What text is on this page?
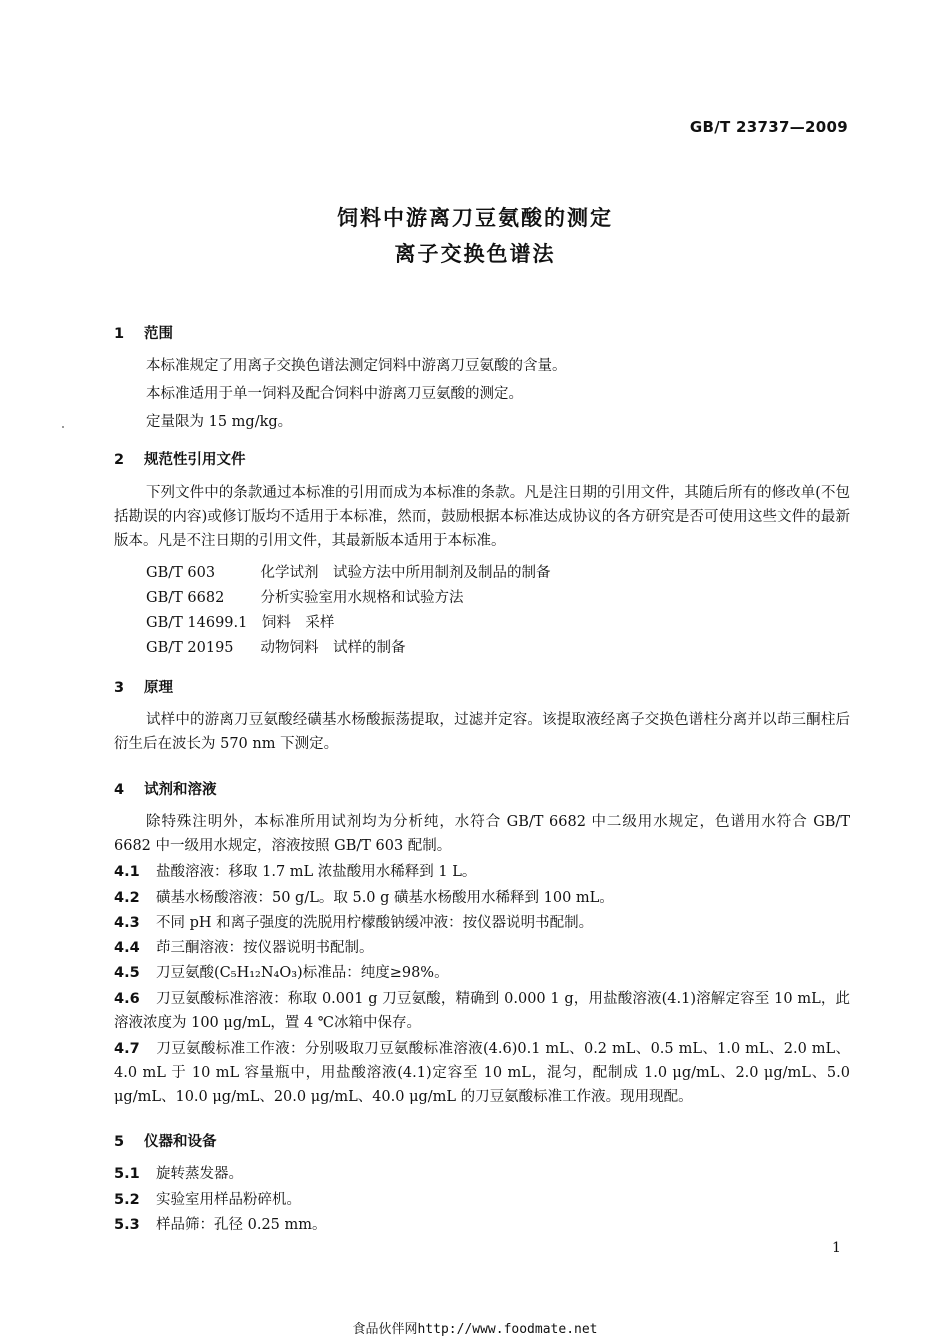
GB/T 23737—2009
饲料中游离刀豆氨酸的测定
离子交换色谱法
1 范围
本标准规定了用离子交换色谱法测定饲料中游离刀豆氨酸的含量。
本标准适用于单一饲料及配合饲料中游离刀豆氨酸的测定。
定量限为 15 mg/kg。
2 规范性引用文件
下列文件中的条款通过本标准的引用而成为本标准的条款。凡是注日期的引用文件，其随后所有的修改单(不包括勘误的内容)或修订版均不适用于本标准，然而，鼓励根据本标准达成协议的各方研究是否可使用这些文件的最新版本。凡是不注日期的引用文件，其最新版本适用于本标准。
GB/T 603　	化学试剂　试验方法中所用制剂及制品的制备
GB/T 6682　 分析实验室用水规格和试验方法
GB/T 14699.1　 饲料　采样
GB/T 20195　 动物饲料　试样的制备
3 原理
试样中的游离刀豆氨酸经磺基水杨酸振荡提取，过滤并定容。该提取液经离子交换色谱柱分离并以茚三酮柱后衍生后在波长为 570 nm 下测定。
4 试剂和溶液
除特殊注明外，本标准所用试剂均为分析纯，水符合 GB/T 6682 中二级用水规定，色谱用水符合 GB/T 6682 中一级用水规定，溶液按照 GB/T 603 配制。
4.1 盐酸溶液：移取 1.7 mL 浓盐酸用水稀释到 1 L。
4.2 磺基水杨酸溶液：50 g/L。取 5.0 g 磺基水杨酸用水稀释到 100 mL。
4.3 不同 pH 和离子强度的洗脱用柠檬酸钠缓冲液：按仪器说明书配制。
4.4 茚三酮溶液：按仪器说明书配制。
4.5 刀豆氨酸(C₅H₁₂N₄O₃)标准品：纯度≥98%。
4.6 刀豆氨酸标准溶液：称取 0.001 g 刀豆氨酸，精确到 0.000 1 g，用盐酸溶液(4.1)溶解定容至 10 mL，此溶液浓度为 100 μg/mL，置 4 ℃冰箱中保存。
4.7 刀豆氨酸标准工作液：分别吸取刀豆氨酸标准溶液(4.6)0.1 mL、0.2 mL、0.5 mL、1.0 mL、2.0 mL、4.0 mL 于 10 mL 容量瓶中，用盐酸溶液(4.1)定容至 10 mL，混匀，配制成 1.0 μg/mL、2.0 μg/mL、5.0 μg/mL、10.0 μg/mL、20.0 μg/mL、40.0 μg/mL 的刀豆氨酸标准工作液。现用现配。
5 仪器和设备
5.1 旋转蒸发器。
5.2 实验室用样品粉碎机。
5.3 样品筛：孔径 0.25 mm。
1
食品伙伴网http://www.foodmate.net
